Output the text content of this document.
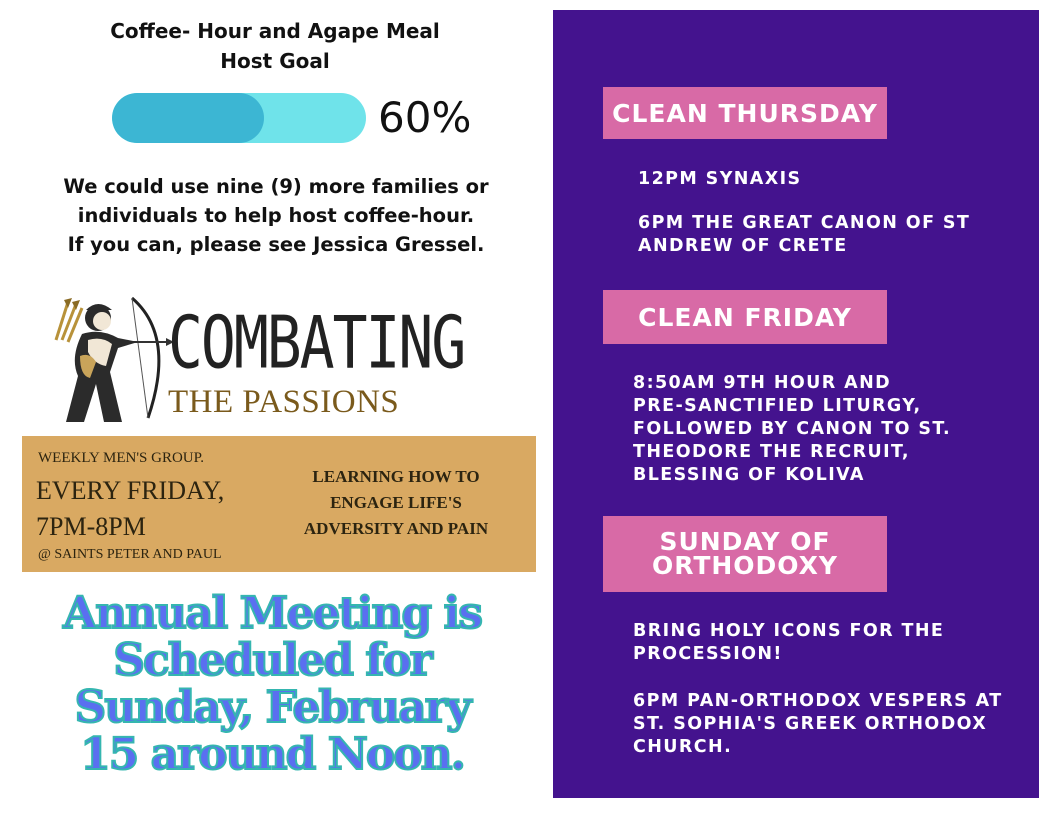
Coffee- Hour and Agape Meal
Host Goal
60%
We could use nine (9) more families or
individuals to help host coffee-hour.
If you can, please see Jessica Gressel.
COMBATING
THE PASSIONS
WEEKLY MEN'S GROUP.
EVERY FRIDAY,
7PM-8PM
@ SAINTS PETER AND PAUL
LEARNING HOW TO
ENGAGE LIFE'S
ADVERSITY AND PAIN
Annual Meeting is
Scheduled for
Sunday, February
15 around Noon.
CLEAN THURSDAY
12PM SYNAXIS
6PM THE GREAT CANON OF ST
ANDREW OF CRETE
CLEAN FRIDAY
8:50AM 9TH HOUR AND
PRE-SANCTIFIED LITURGY,
FOLLOWED BY CANON TO ST.
THEODORE THE RECRUIT,
BLESSING OF KOLIVA
SUNDAY OF
ORTHODOXY
BRING HOLY ICONS FOR THE
PROCESSION!
6PM PAN-ORTHODOX VESPERS AT
ST. SOPHIA'S GREEK ORTHODOX
CHURCH.
